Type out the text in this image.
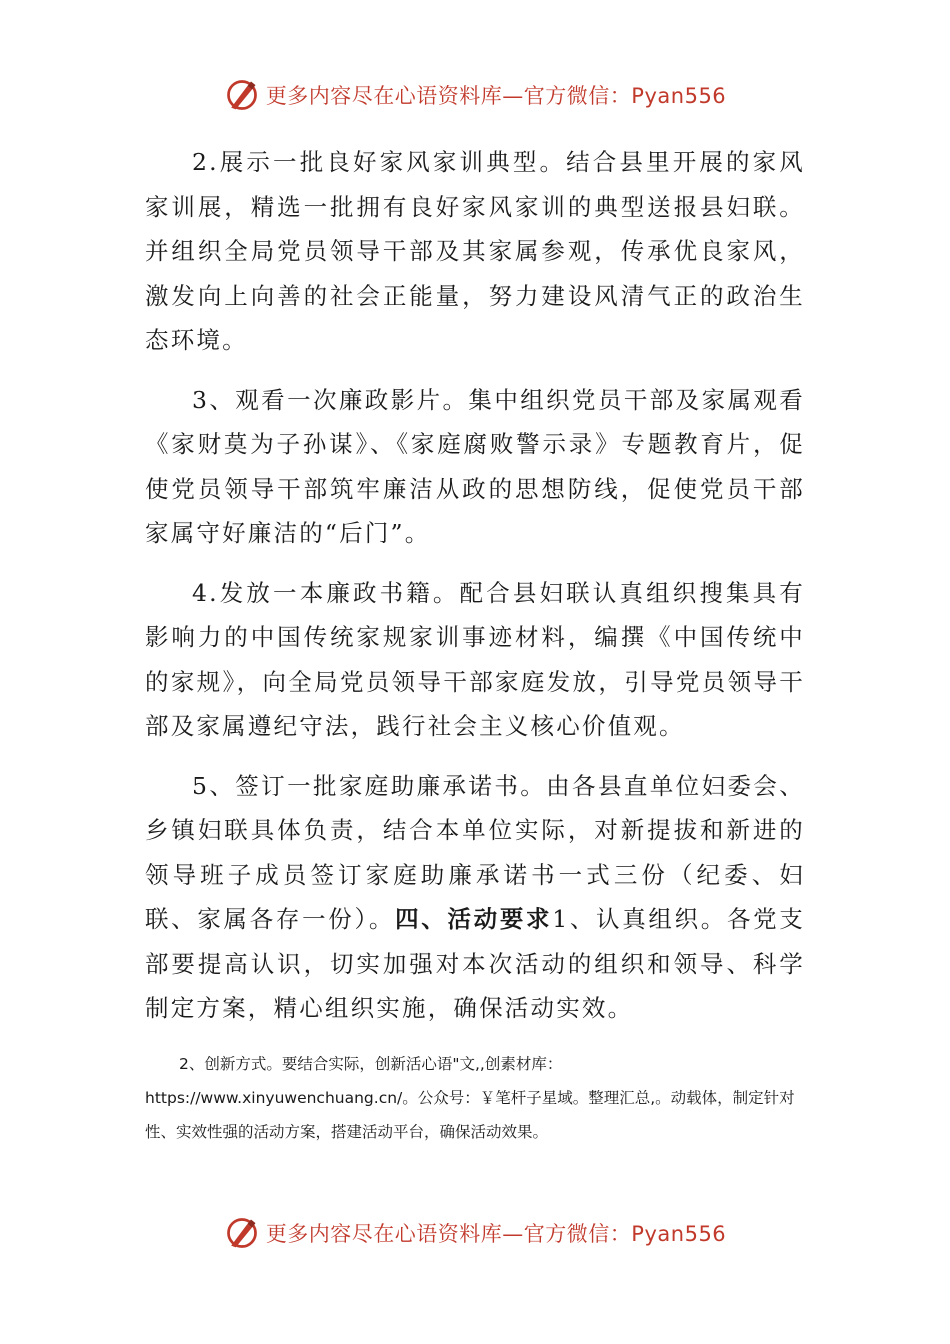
更多内容尽在心语资料库—官方微信：Pyan556

2.展示一批良好家风家训典型。结合县里开展的家风家训展，精选一批拥有良好家风家训的典型送报县妇联。并组织全局党员领导干部及其家属参观，传承优良家风，激发向上向善的社会正能量，努力建设风清气正的政治生态环境。

3、观看一次廉政影片。集中组织党员干部及家属观看《家财莫为子孙谋》、《家庭腐败警示录》专题教育片，促使党员领导干部筑牢廉洁从政的思想防线，促使党员干部家属守好廉洁的“后门”。

4.发放一本廉政书籍。配合县妇联认真组织搜集具有影响力的中国传统家规家训事迹材料，编撰《中国传统中的家规》，向全局党员领导干部家庭发放，引导党员领导干部及家属遵纪守法，践行社会主义核心价值观。

5、签订一批家庭助廉承诺书。由各县直单位妇委会、乡镇妇联具体负责，结合本单位实际，对新提拔和新进的领导班子成员签订家庭助廉承诺书一式三份（纪委、妇联、家属各存一份）。四、活动要求1、认真组织。各党支部要提高认识，切实加强对本次活动的组织和领导、科学制定方案，精心组织实施，确保活动实效。

2、创新方式。要结合实际，创新活心语"文,,创素材库：https://www.xinyuwenchuang.cn/。公众号：￥笔杆子星域。整理汇总,。动载体，制定针对性、实效性强的活动方案，搭建活动平台，确保活动效果。

更多内容尽在心语资料库—官方微信：Pyan556
